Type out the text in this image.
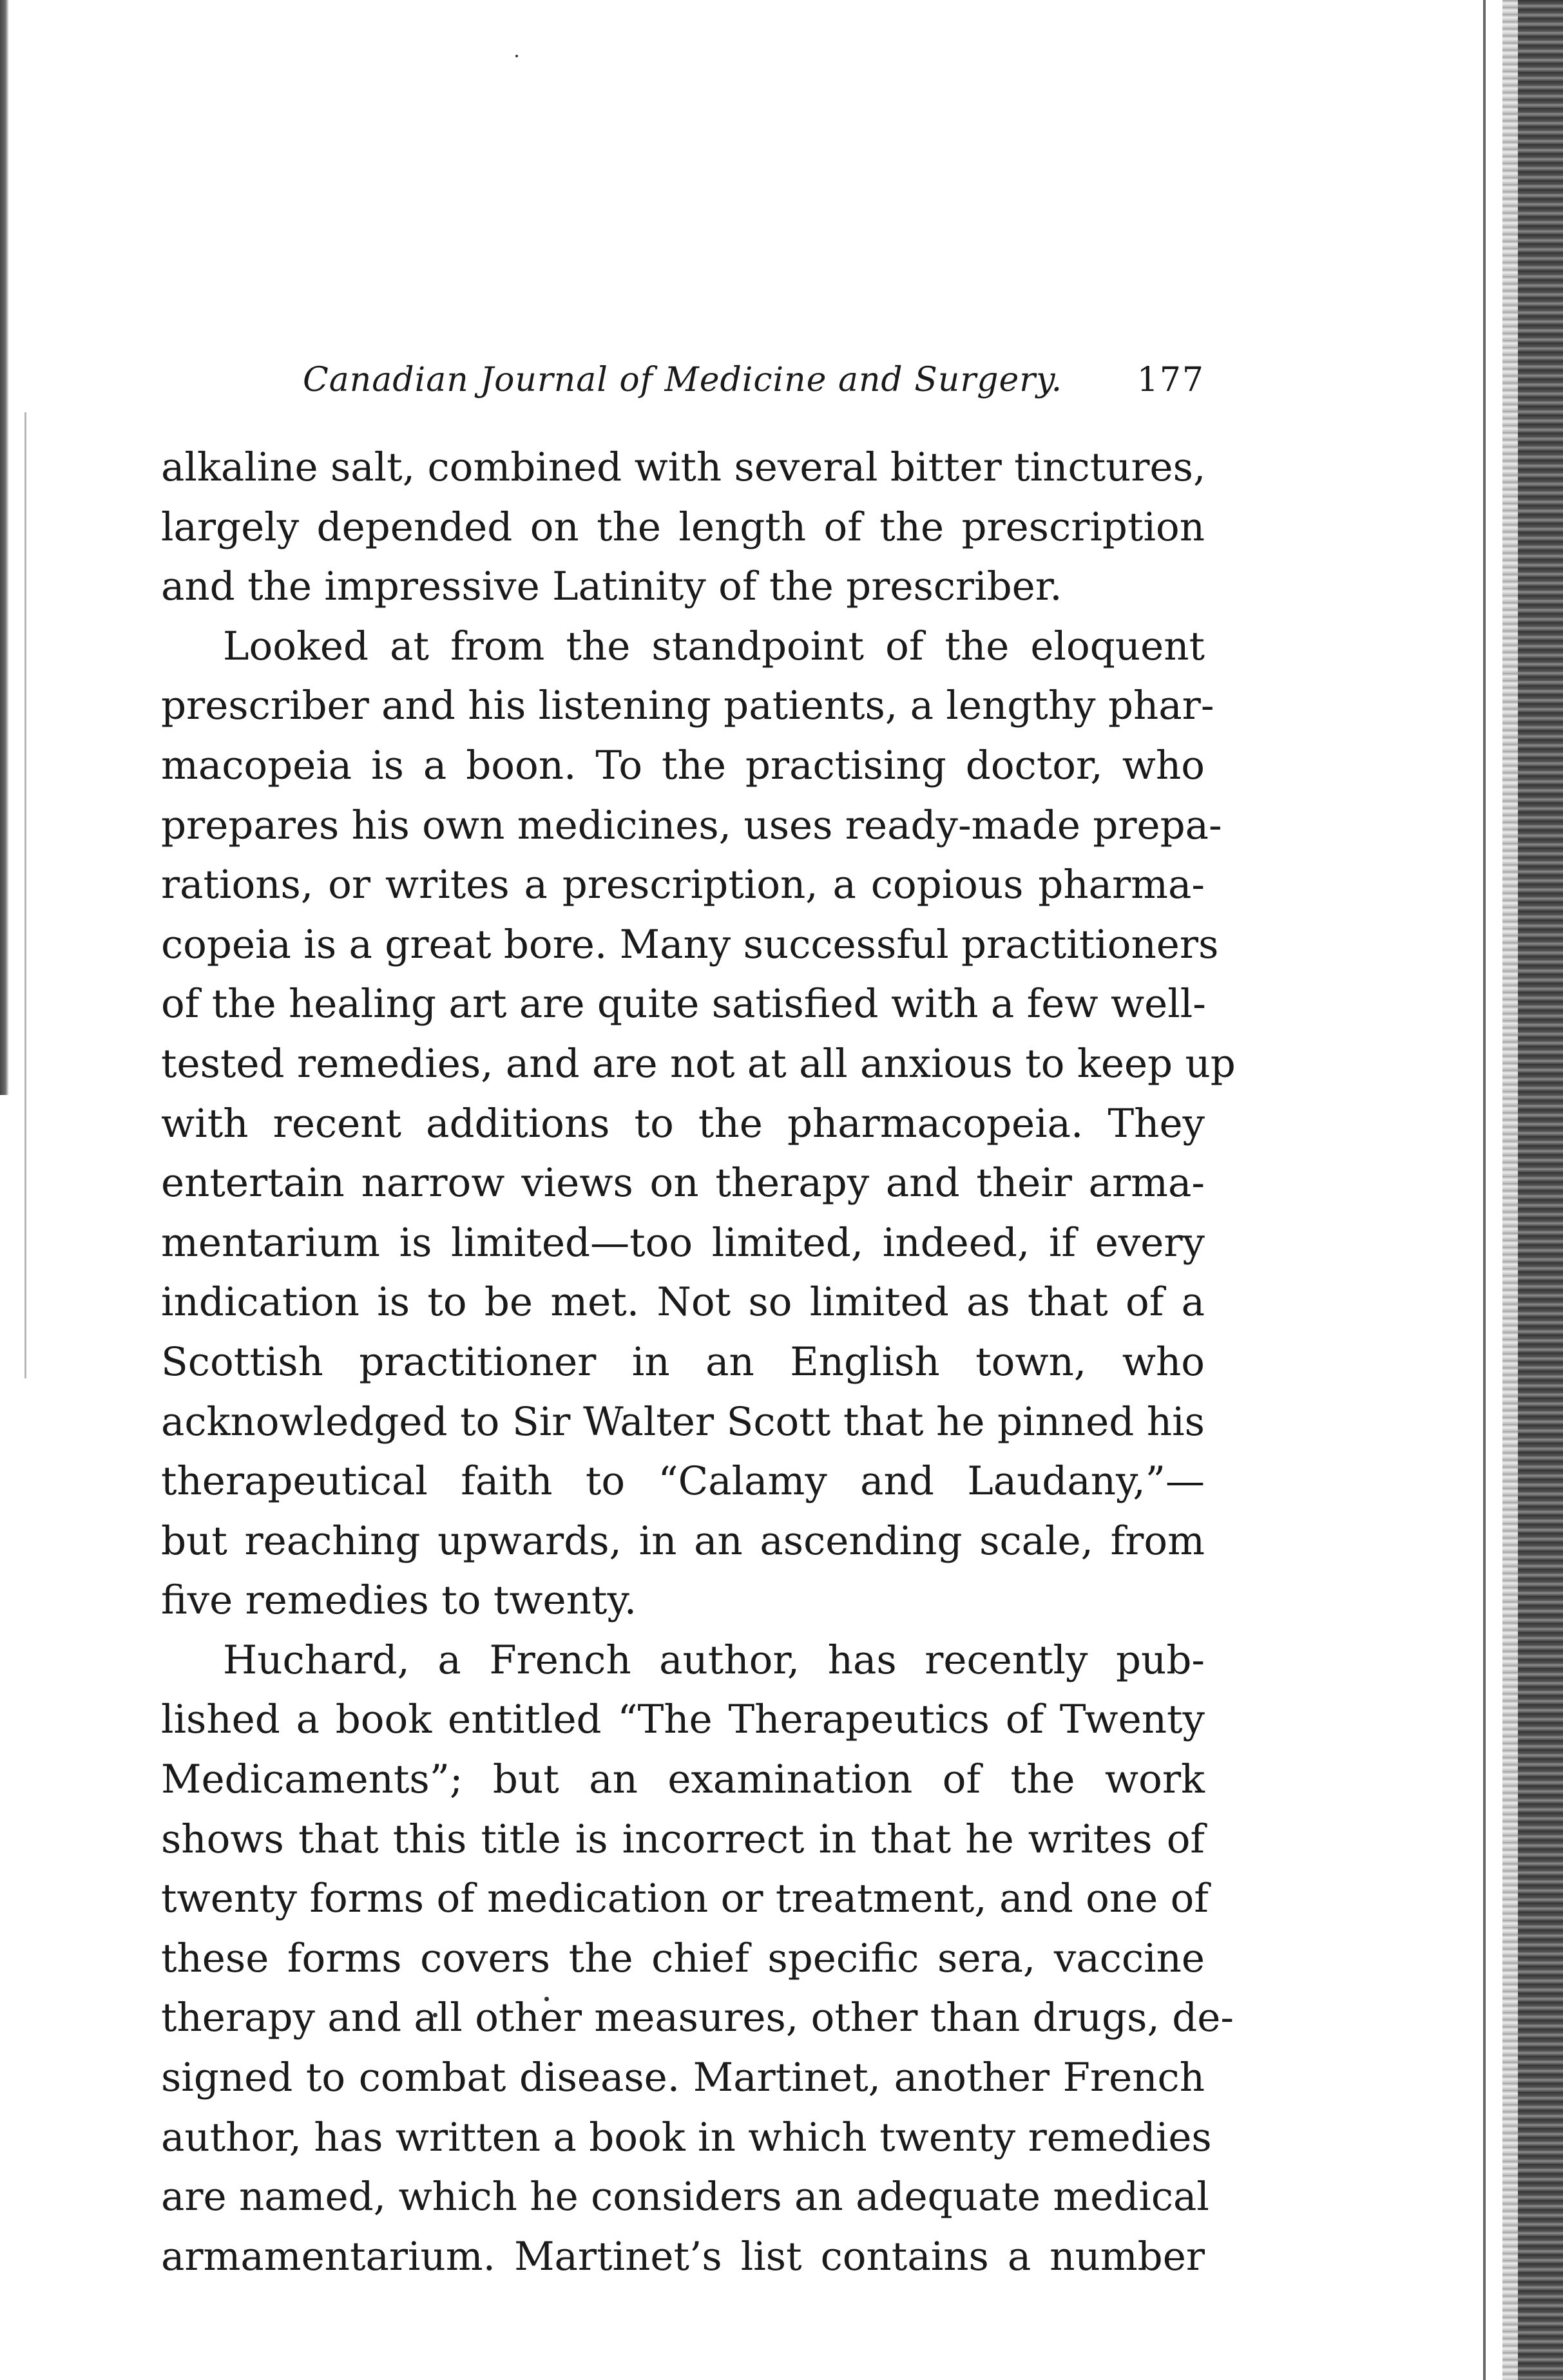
Canadian Journal of Medicine and Surgery. 177
alkaline salt, combined with several bitter tinctures,
largely depended on the length of the prescription
and the impressive Latinity of the prescriber.
Looked at from the standpoint of the eloquent
prescriber and his listening patients, a lengthy phar-
macopeia is a boon. To the practising doctor, who
prepares his own medicines, uses ready-made prepa-
rations, or writes a prescription, a copious pharma-
copeia is a great bore. Many successful practitioners
of the healing art are quite satisfied with a few well-
tested remedies, and are not at all anxious to keep up
with recent additions to the pharmacopeia. They
entertain narrow views on therapy and their arma-
mentarium is limited—too limited, indeed, if every
indication is to be met. Not so limited as that of a
Scottish practitioner in an English town, who
acknowledged to Sir Walter Scott that he pinned his
therapeutical faith to “Calamy and Laudany,”—
but reaching upwards, in an ascending scale, from
five remedies to twenty.
Huchard, a French author, has recently pub-
lished a book entitled “The Therapeutics of Twenty
Medicaments”; but an examination of the work
shows that this title is incorrect in that he writes of
twenty forms of medication or treatment, and one of
these forms covers the chief specific sera, vaccine
therapy and all other measures, other than drugs, de-
signed to combat disease. Martinet, another French
author, has written a book in which twenty remedies
are named, which he considers an adequate medical
armamentarium. Martinet’s list contains a number
